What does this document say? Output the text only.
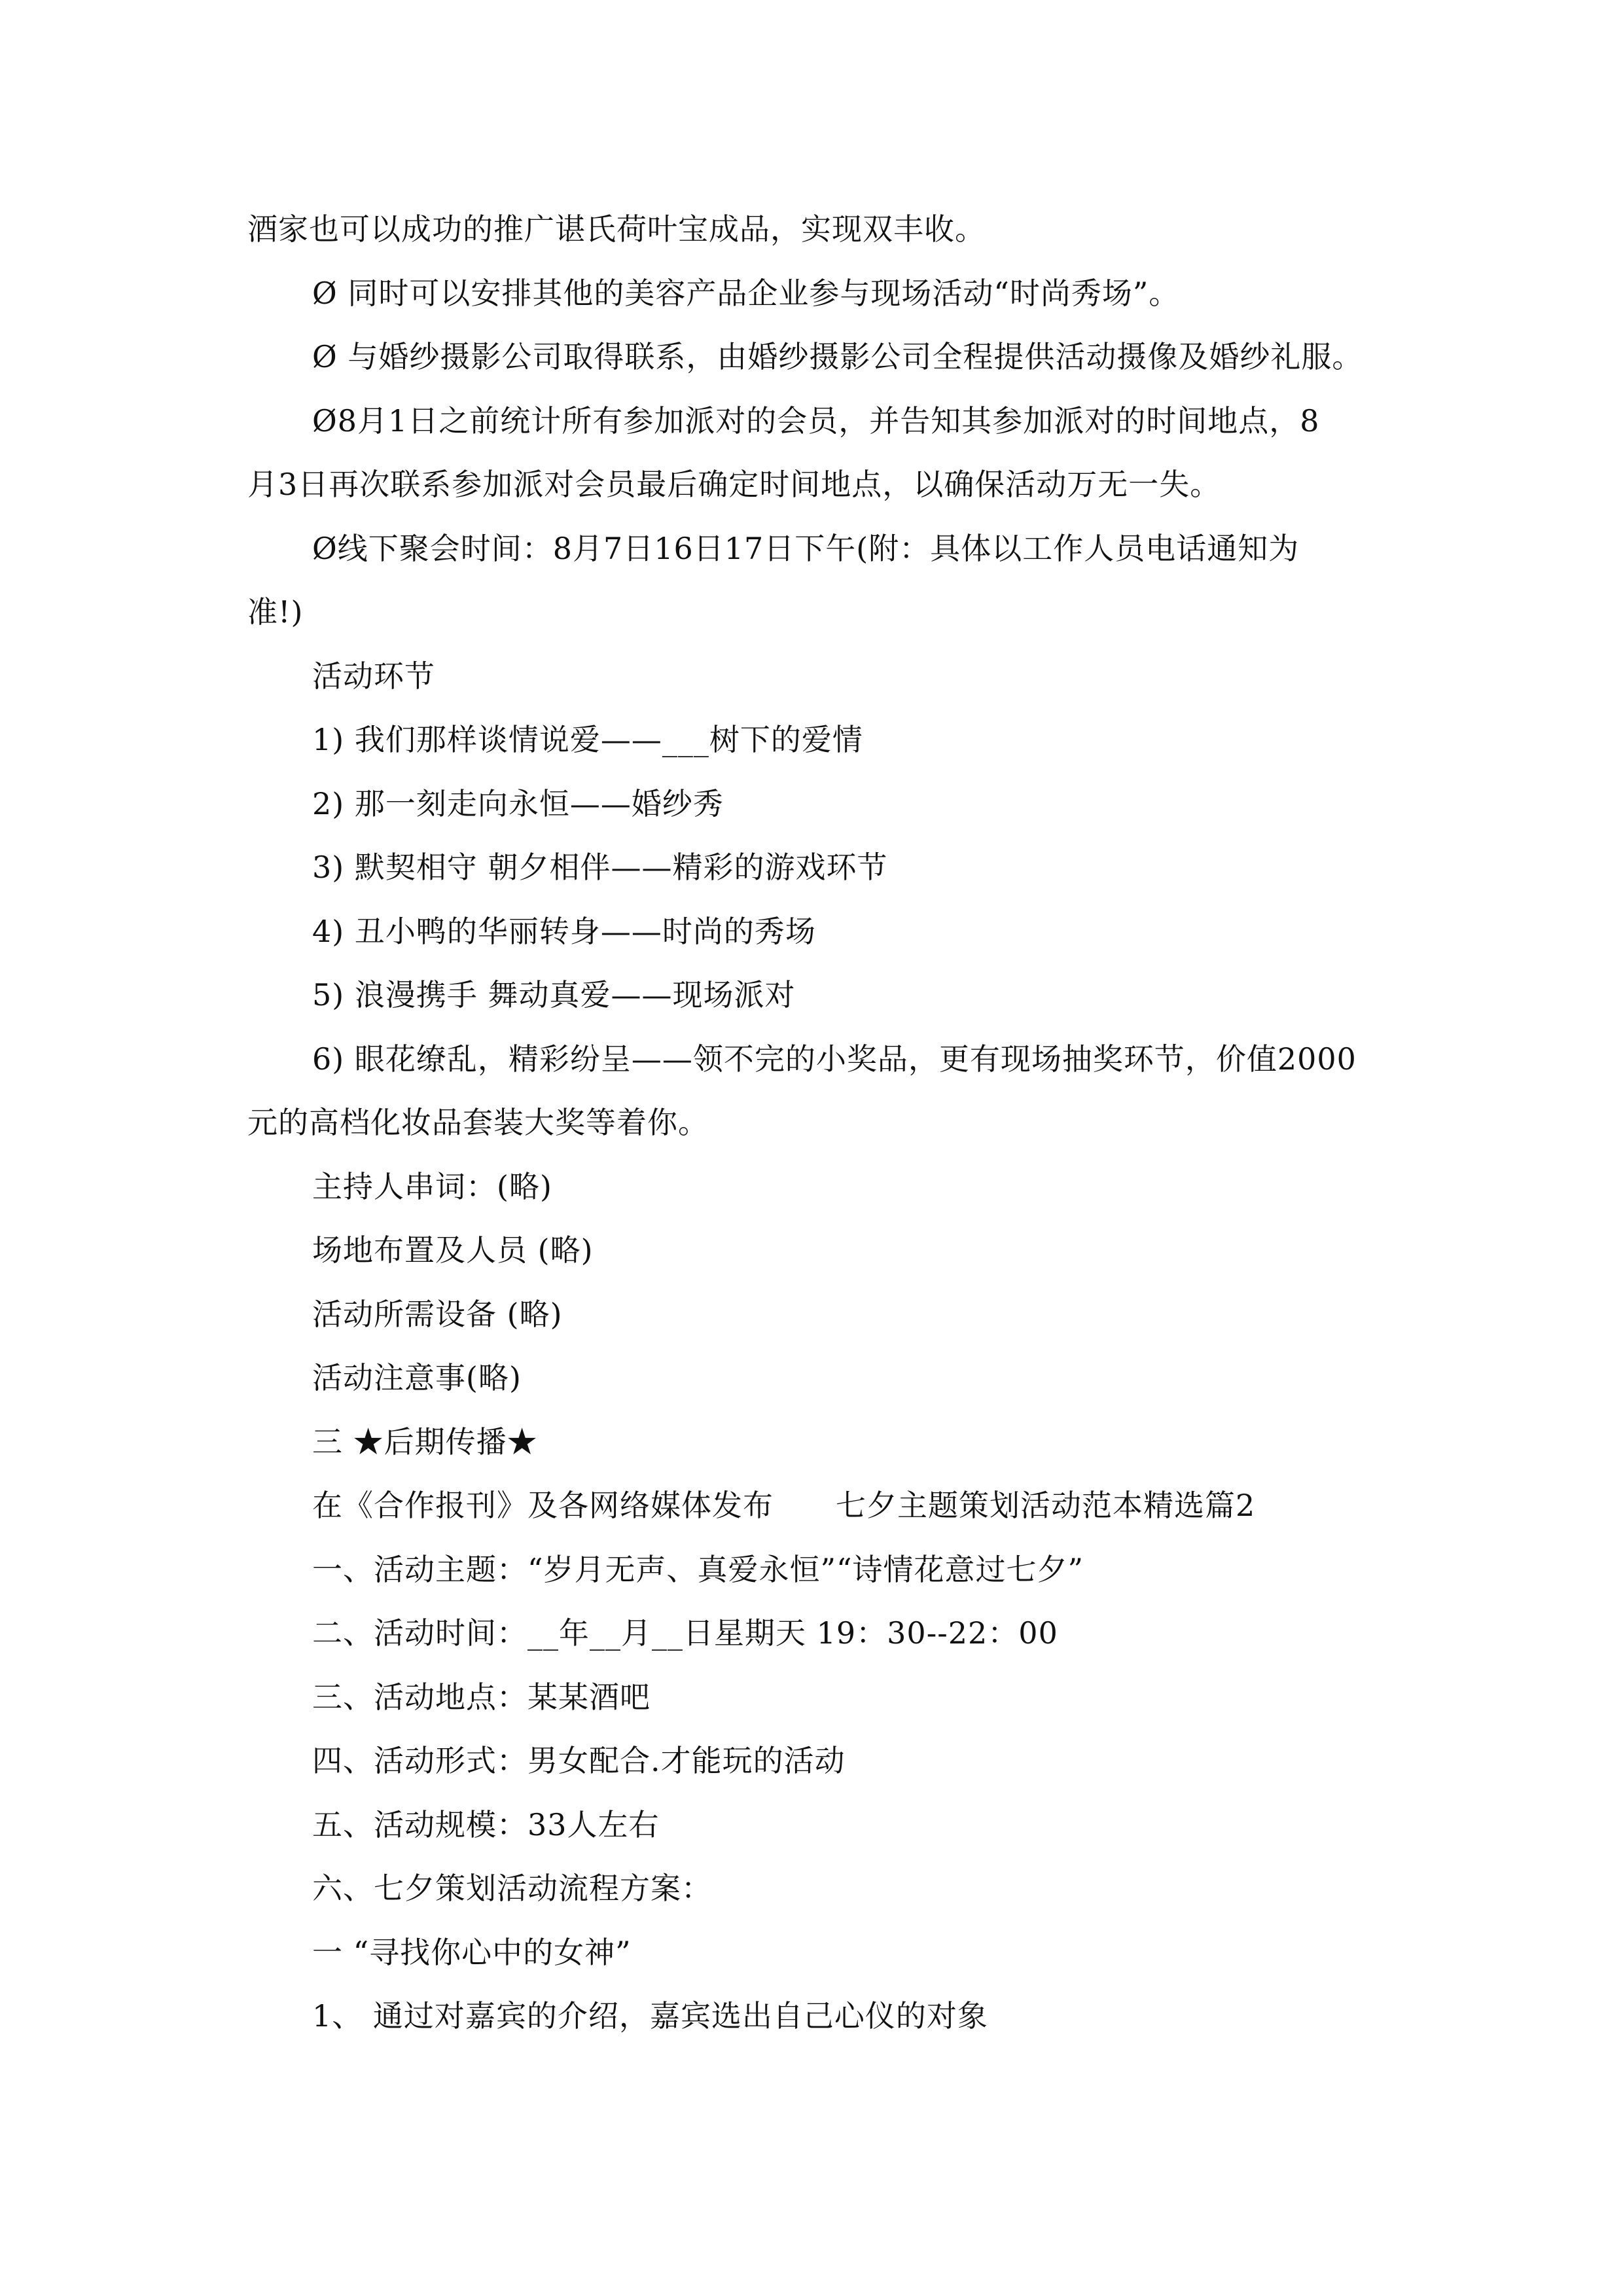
酒家也可以成功的推广谌氏荷叶宝成品，实现双丰收。
Ø 同时可以安排其他的美容产品企业参与现场活动“时尚秀场”。
Ø 与婚纱摄影公司取得联系，由婚纱摄影公司全程提供活动摄像及婚纱礼服。
Ø8月1日之前统计所有参加派对的会员，并告知其参加派对的时间地点，8
月3日再次联系参加派对会员最后确定时间地点，以确保活动万无一失。
Ø线下聚会时间：8月7日16日17日下午(附：具体以工作人员电话通知为
准!)
活动环节
1) 我们那样谈情说爱——___树下的爱情
2) 那一刻走向永恒——婚纱秀
3) 默契相守 朝夕相伴——精彩的游戏环节
4) 丑小鸭的华丽转身——时尚的秀场
5) 浪漫携手 舞动真爱——现场派对
6) 眼花缭乱，精彩纷呈——领不完的小奖品，更有现场抽奖环节，价值2000
元的高档化妆品套装大奖等着你。
主持人串词：(略)
场地布置及人员 (略)
活动所需设备 (略)
活动注意事(略)
三 ★后期传播★
在《合作报刊》及各网络媒体发布 七夕主题策划活动范本精选篇2
一、活动主题：“岁月无声、真爱永恒”“诗情花意过七夕”
二、活动时间：__年__月__日星期天 19：30--22：00
三、活动地点：某某酒吧
四、活动形式：男女配合.才能玩的活动
五、活动规模：33人左右
六、七夕策划活动流程方案：
一 “寻找你心中的女神”
1、 通过对嘉宾的介绍，嘉宾选出自己心仪的对象
